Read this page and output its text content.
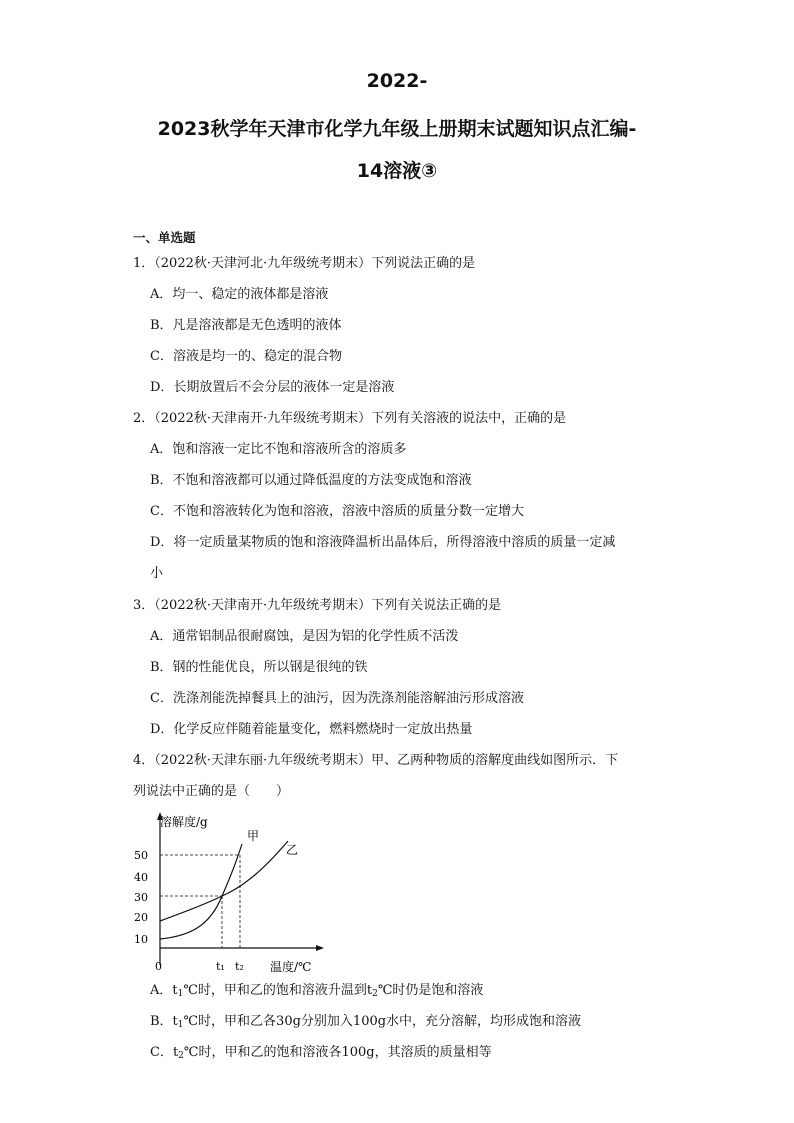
2022-
2023秋学年天津市化学九年级上册期末试题知识点汇编-
14溶液③
一、单选题
1．（2022秋·天津河北·九年级统考期末）下列说法正确的是
A．均一、稳定的液体都是溶液
B．凡是溶液都是无色透明的液体
C．溶液是均一的、稳定的混合物
D．长期放置后不会分层的液体一定是溶液
2．（2022秋·天津南开·九年级统考期末）下列有关溶液的说法中，正确的是
A．饱和溶液一定比不饱和溶液所含的溶质多
B．不饱和溶液都可以通过降低温度的方法变成饱和溶液
C．不饱和溶液转化为饱和溶液，溶液中溶质的质量分数一定增大
D．将一定质量某物质的饱和溶液降温析出晶体后，所得溶液中溶质的质量一定减
小
3．（2022秋·天津南开·九年级统考期末）下列有关说法正确的是
A．通常铝制品很耐腐蚀，是因为铝的化学性质不活泼
B．钢的性能优良，所以钢是很纯的铁
C．洗涤剂能洗掉餐具上的油污，因为洗涤剂能溶解油污形成溶液
D．化学反应伴随着能量变化，燃料燃烧时一定放出热量
4．（2022秋·天津东丽·九年级统考期末）甲、乙两种物质的溶解度曲线如图所示．下
列说法中正确的是（　　）
溶解度/g
温度/℃
0
10
20
30
40
50
t₁ t₂
甲
乙
A．$t_1℃$时，甲和乙的饱和溶液升温到$t_2℃$时仍是饱和溶液
B．$t_1℃$时，甲和乙各30g分别加入100g水中，充分溶解，均形成饱和溶液
C．$t_2℃$时，甲和乙的饱和溶液各100g，其溶质的质量相等
